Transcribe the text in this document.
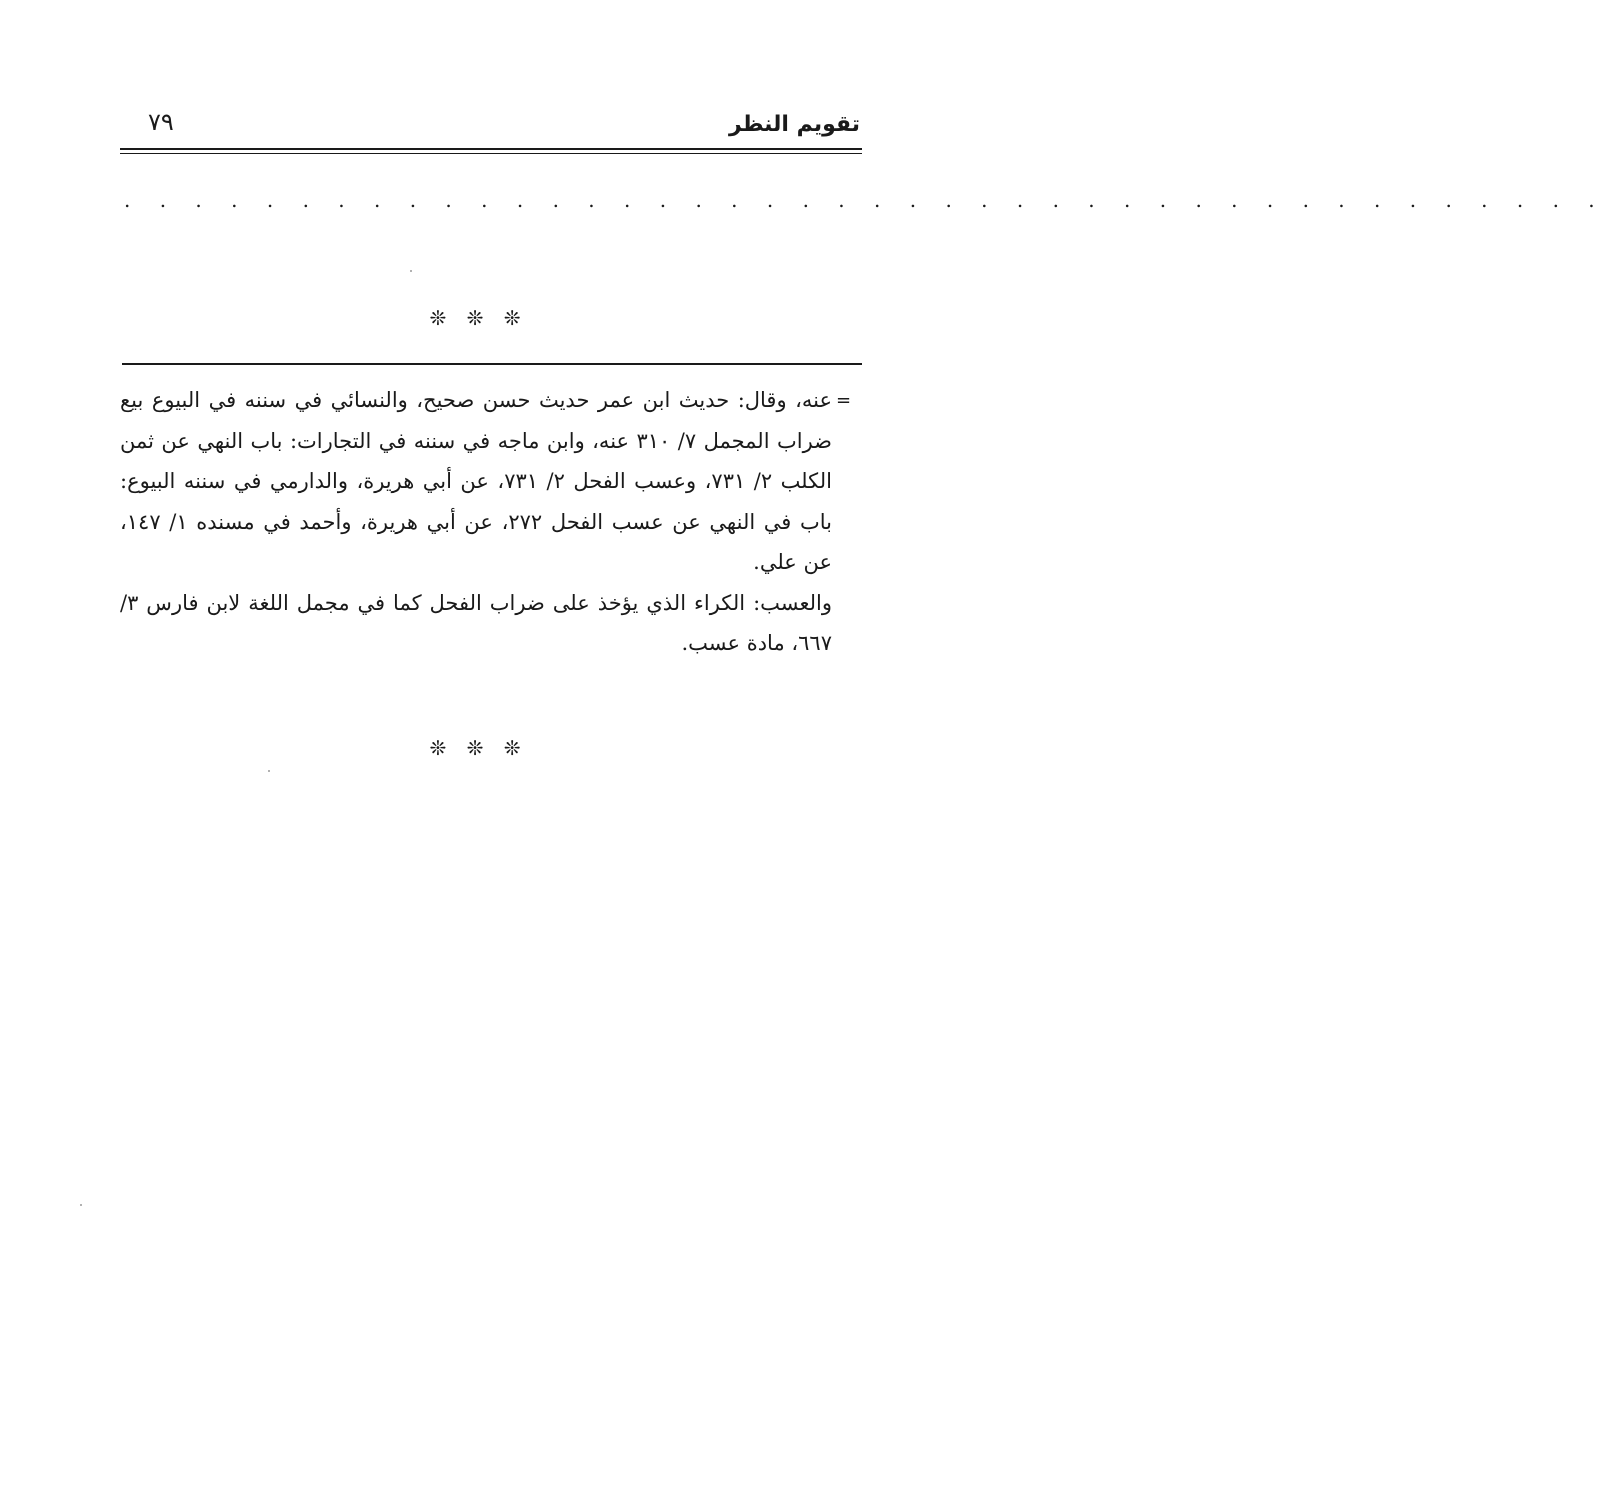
تقويم النظر
٧٩
. . . . . . . . . . . . . . . . . . . . . . . . . . . . . . . . . . . . . . . . . .
❊ ❊ ❊
=

عنه، وقال: حديث ابن عمر حديث حسن صحيح، والنسائي في سننه في البيوع بيع ضراب المجمل ٧/ ٣١٠ عنه، وابن ماجه في سننه في التجارات: باب النهي عن ثمن الكلب ٢/ ٧٣١، وعسب الفحل ٢/ ٧٣١، عن أبي هريرة، والدارمي في سننه البيوع: باب في النهي عن عسب الفحل ٢٧٢، عن أبي هريرة، وأحمد في مسنده ١/ ١٤٧، عن علي.

والعسب: الكراء الذي يؤخذ على ضراب الفحل كما في مجمل اللغة لابن فارس ٣/ ٦٦٧، مادة عسب.

❊ ❊ ❊
